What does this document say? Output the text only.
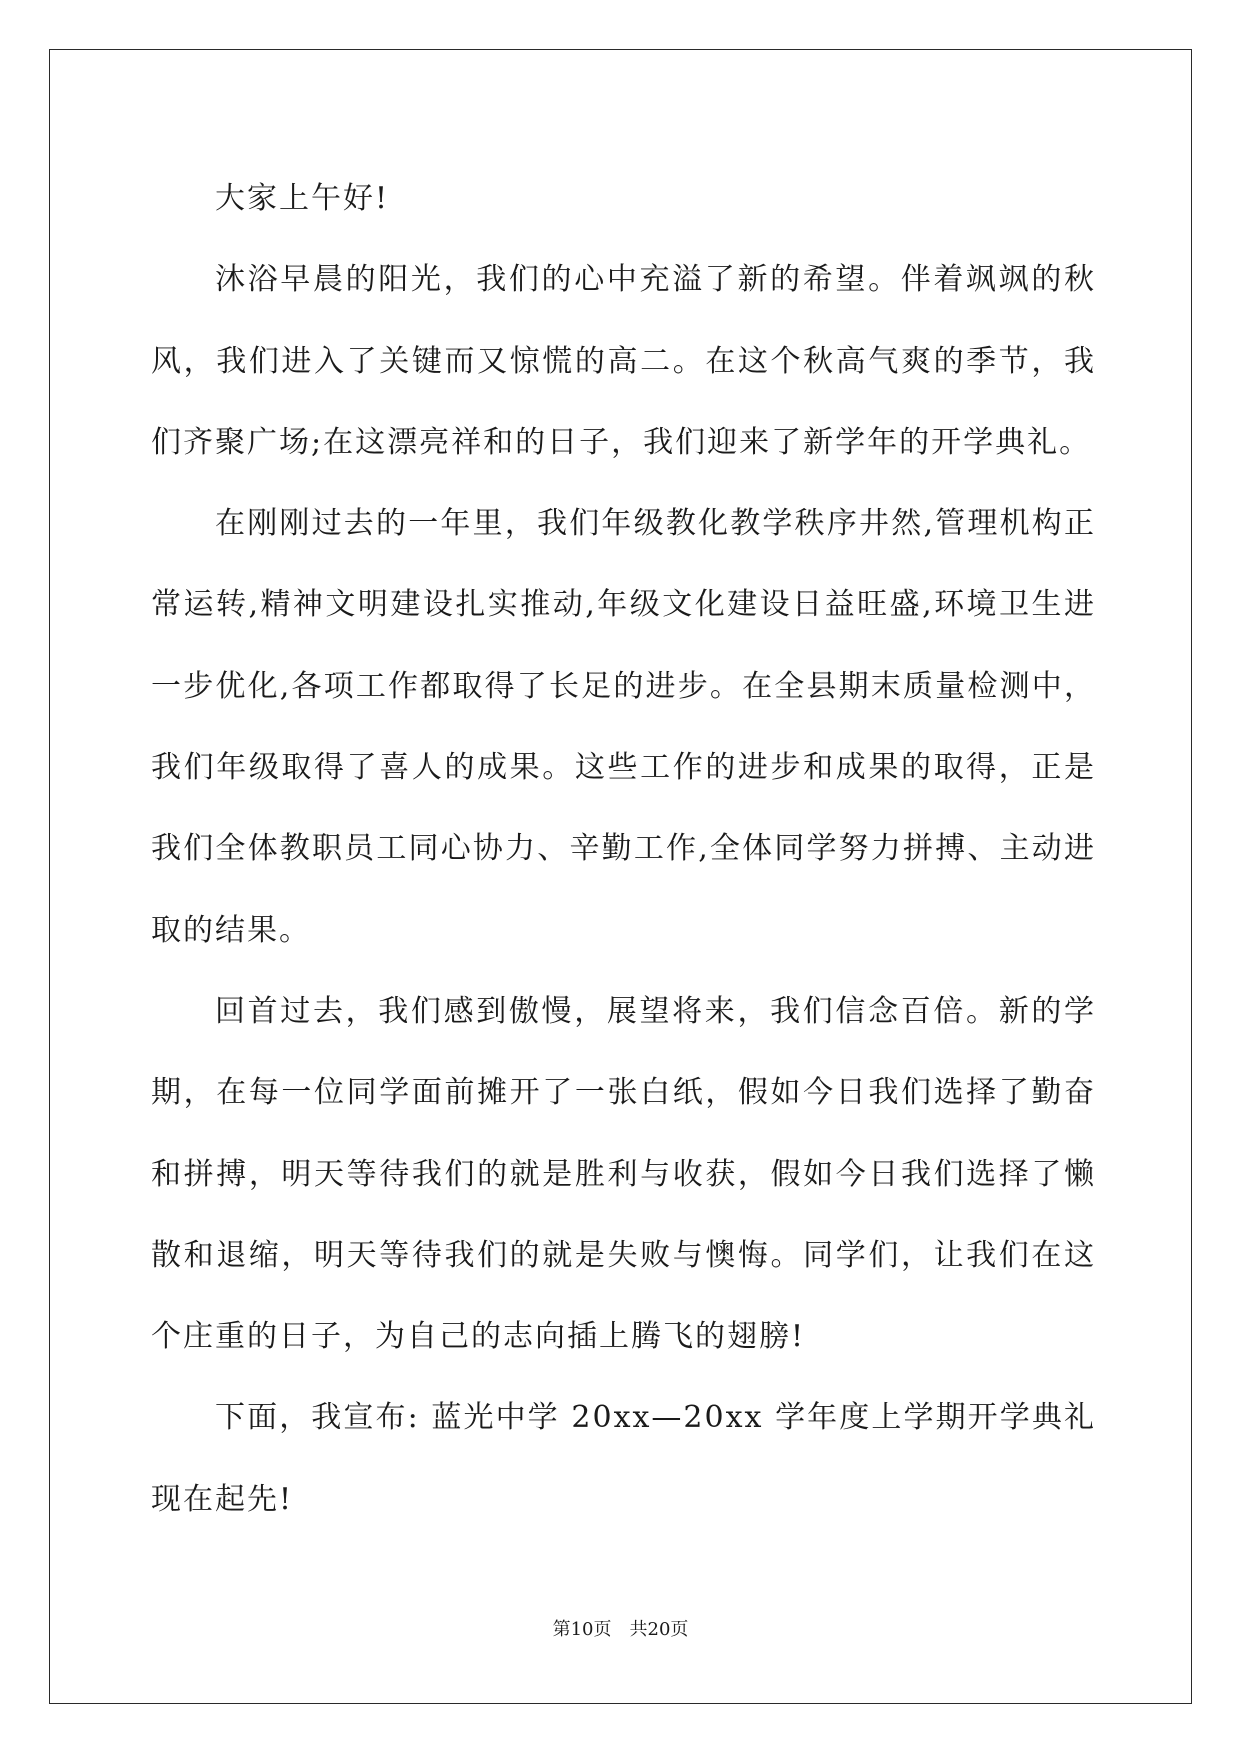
大家上午好!

沐浴早晨的阳光，我们的心中充溢了新的希望。伴着飒飒的秋风，我们进入了关键而又惊慌的高二。在这个秋高气爽的季节，我们齐聚广场;在这漂亮祥和的日子，我们迎来了新学年的开学典礼。

在刚刚过去的一年里，我们年级教化教学秩序井然,管理机构正常运转,精神文明建设扎实推动,年级文化建设日益旺盛,环境卫生进一步优化,各项工作都取得了长足的进步。在全县期末质量检测中，我们年级取得了喜人的成果。这些工作的进步和成果的取得，正是我们全体教职员工同心协力、辛勤工作,全体同学努力拼搏、主动进取的结果。

回首过去，我们感到傲慢，展望将来，我们信念百倍。新的学期，在每一位同学面前摊开了一张白纸，假如今日我们选择了勤奋和拼搏，明天等待我们的就是胜利与收获，假如今日我们选择了懒散和退缩，明天等待我们的就是失败与懊悔。同学们，让我们在这个庄重的日子，为自己的志向插上腾飞的翅膀!

下面，我宣布: 蓝光中学 20xx—20xx 学年度上学期开学典礼现在起先!

第10页　共20页
